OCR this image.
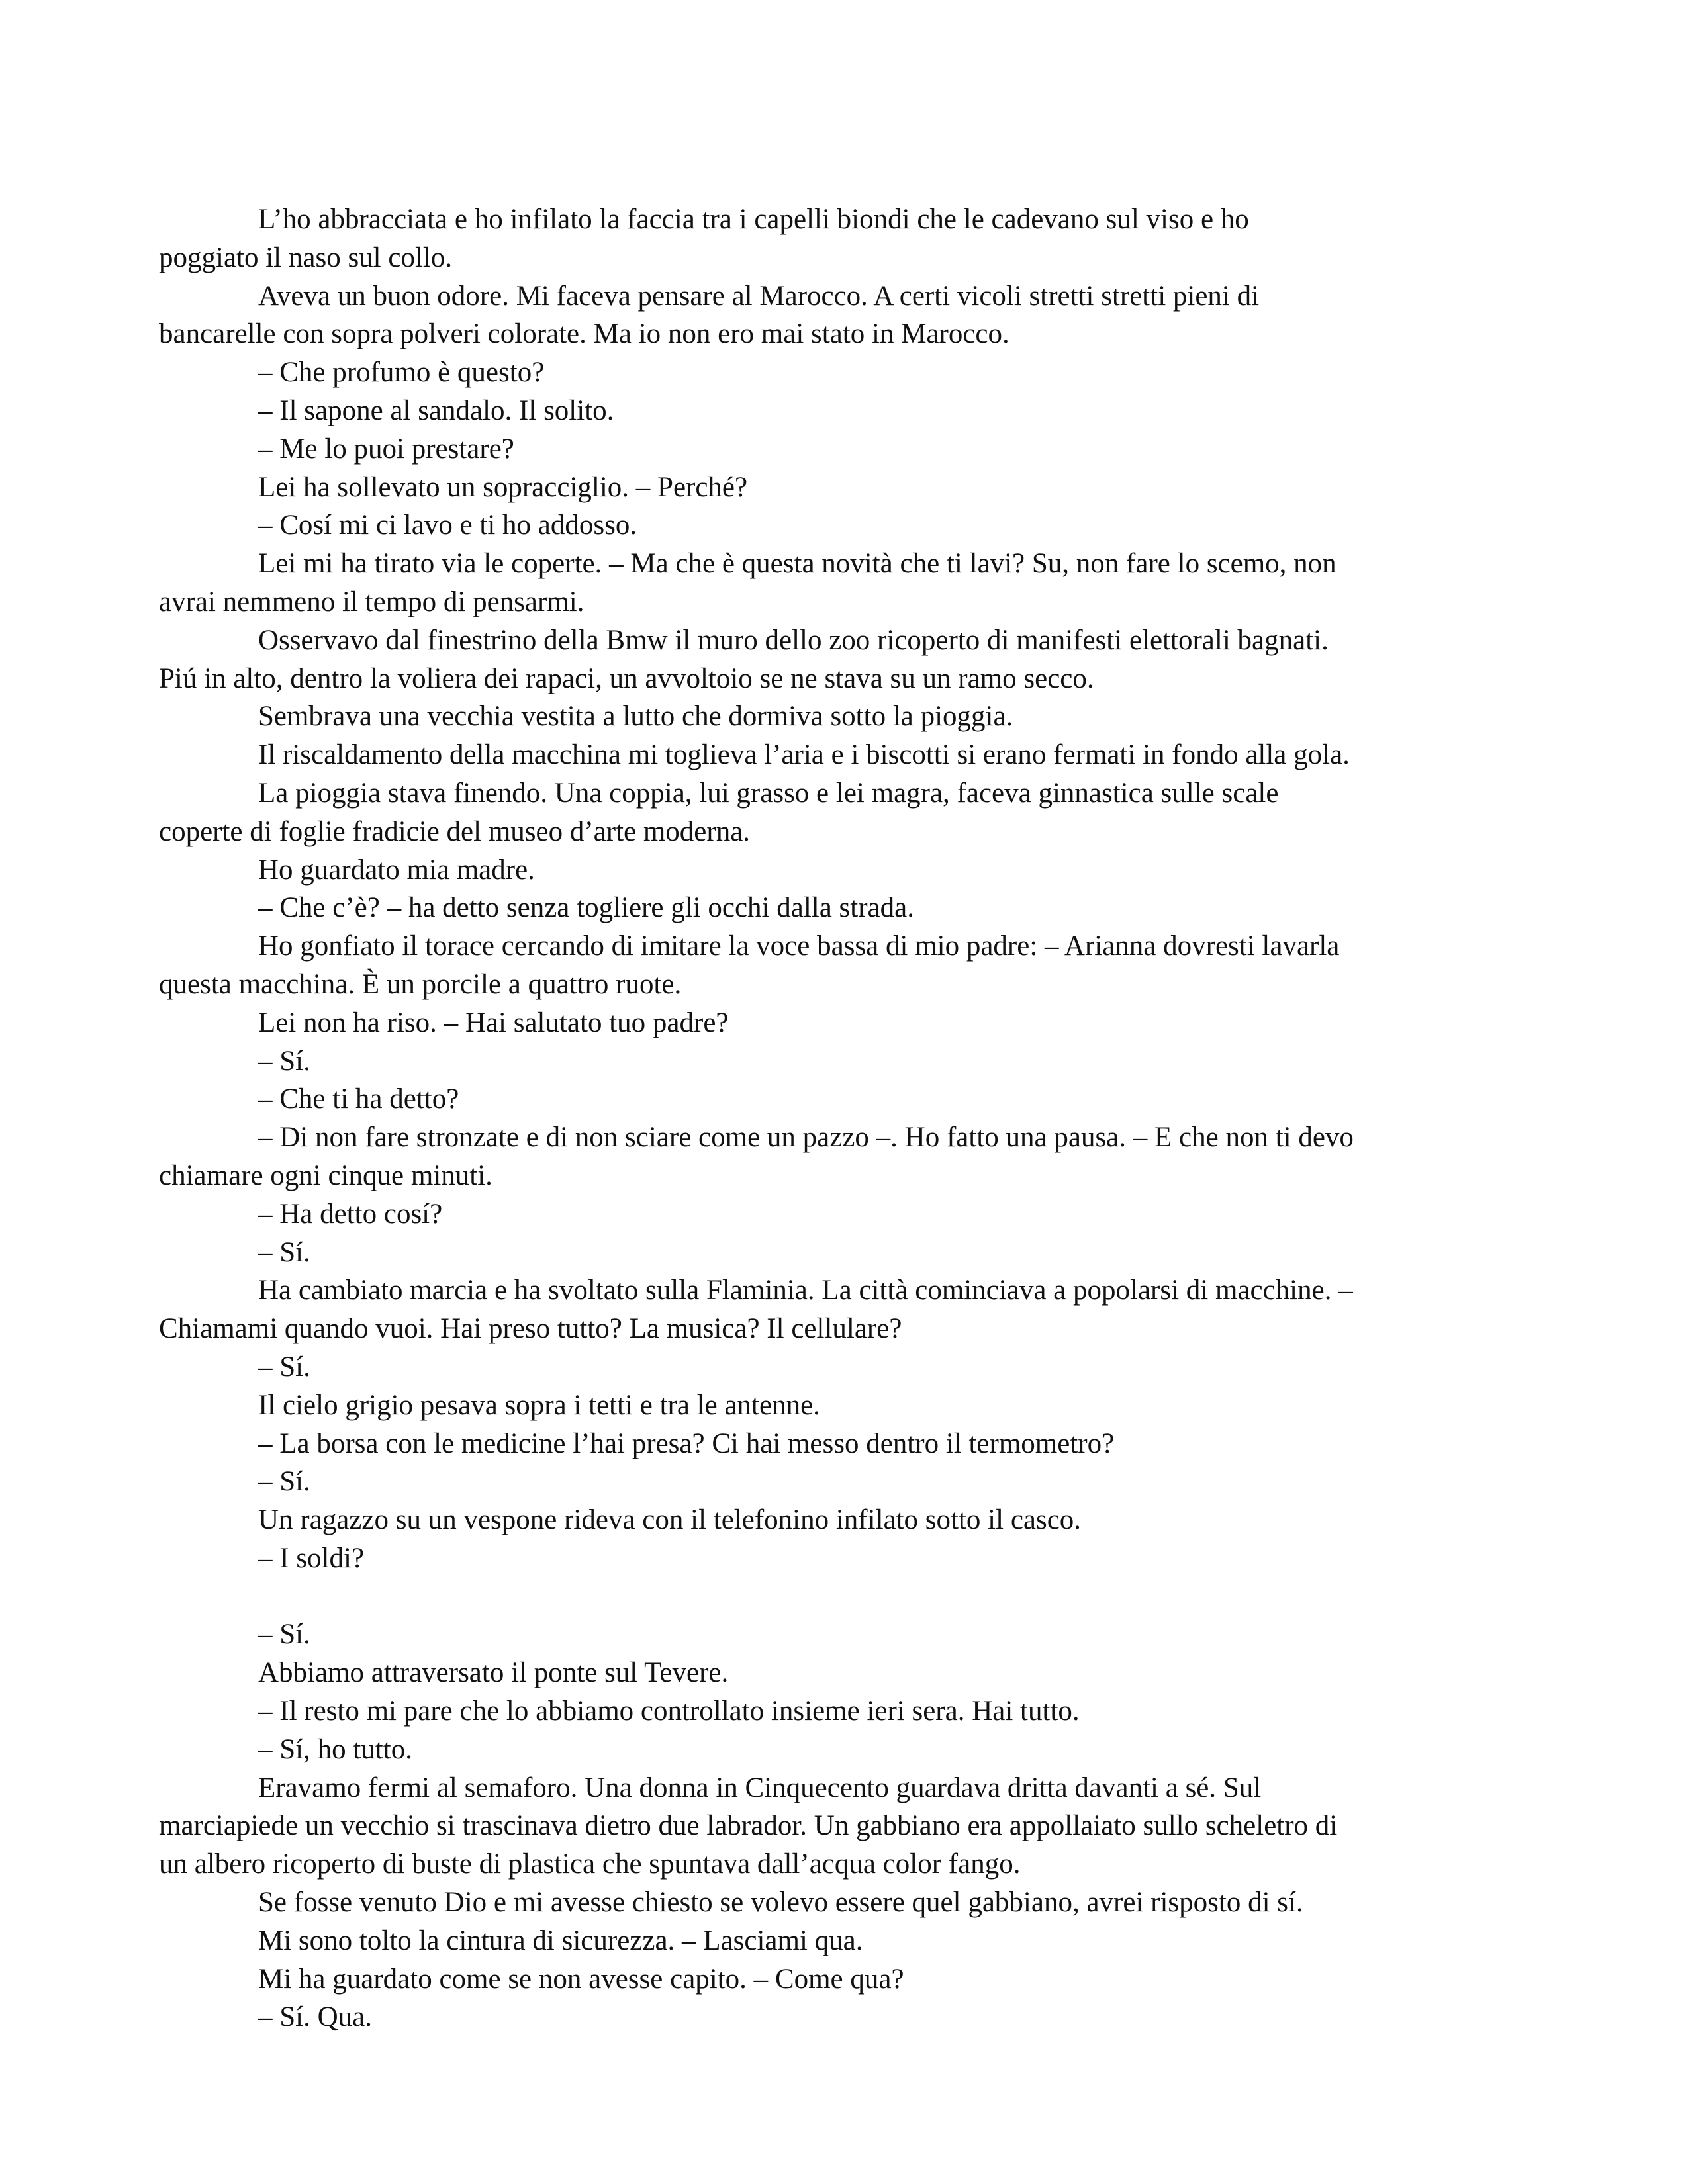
L’ho abbracciata e ho infilato la faccia tra i capelli biondi che le cadevano sul viso e ho
poggiato il naso sul collo.

Aveva un buon odore. Mi faceva pensare al Marocco. A certi vicoli stretti stretti pieni di
bancarelle con sopra polveri colorate. Ma io non ero mai stato in Marocco.

– Che profumo è questo?

– Il sapone al sandalo. Il solito.

– Me lo puoi prestare?

Lei ha sollevato un sopracciglio. – Perché?

– Cosí mi ci lavo e ti ho addosso.

Lei mi ha tirato via le coperte. – Ma che è questa novità che ti lavi? Su, non fare lo scemo, non
avrai nemmeno il tempo di pensarmi.

Osservavo dal finestrino della Bmw il muro dello zoo ricoperto di manifesti elettorali bagnati.
Piú in alto, dentro la voliera dei rapaci, un avvoltoio se ne stava su un ramo secco.

Sembrava una vecchia vestita a lutto che dormiva sotto la pioggia.

Il riscaldamento della macchina mi toglieva l’aria e i biscotti si erano fermati in fondo alla gola.

La pioggia stava finendo. Una coppia, lui grasso e lei magra, faceva ginnastica sulle scale
coperte di foglie fradicie del museo d’arte moderna.

Ho guardato mia madre.

– Che c’è? – ha detto senza togliere gli occhi dalla strada.

Ho gonfiato il torace cercando di imitare la voce bassa di mio padre: – Arianna dovresti lavarla
questa macchina. È un porcile a quattro ruote.

Lei non ha riso. – Hai salutato tuo padre?

– Sí.

– Che ti ha detto?

– Di non fare stronzate e di non sciare come un pazzo –. Ho fatto una pausa. – E che non ti devo
chiamare ogni cinque minuti.

– Ha detto cosí?

– Sí.

Ha cambiato marcia e ha svoltato sulla Flaminia. La città cominciava a popolarsi di macchine. –
Chiamami quando vuoi. Hai preso tutto? La musica? Il cellulare?

– Sí.

Il cielo grigio pesava sopra i tetti e tra le antenne.

– La borsa con le medicine l’hai presa? Ci hai messo dentro il termometro?

– Sí.

Un ragazzo su un vespone rideva con il telefonino infilato sotto il casco.

– I soldi?

– Sí.

Abbiamo attraversato il ponte sul Tevere.

– Il resto mi pare che lo abbiamo controllato insieme ieri sera. Hai tutto.

– Sí, ho tutto.

Eravamo fermi al semaforo. Una donna in Cinquecento guardava dritta davanti a sé. Sul
marciapiede un vecchio si trascinava dietro due labrador. Un gabbiano era appollaiato sullo scheletro di
un albero ricoperto di buste di plastica che spuntava dall’acqua color fango.

Se fosse venuto Dio e mi avesse chiesto se volevo essere quel gabbiano, avrei risposto di sí.

Mi sono tolto la cintura di sicurezza. – Lasciami qua.

Mi ha guardato come se non avesse capito. – Come qua?

– Sí. Qua.
